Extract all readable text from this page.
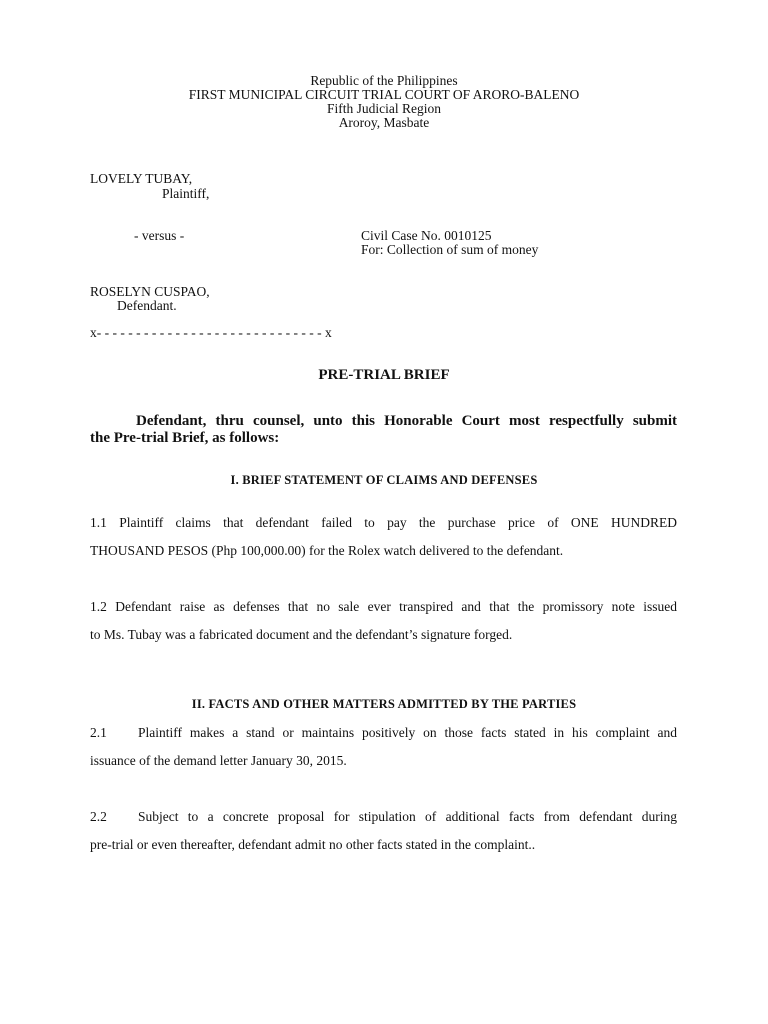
Republic of the Philippines
FIRST MUNICIPAL CIRCUIT TRIAL COURT OF ARORO-BALENO
Fifth Judicial Region
Aroroy, Masbate
LOVELY TUBAY,
Plaintiff,
- versus -	Civil Case No. 0010125
For: Collection of sum of money
ROSELYN CUSPAO,
Defendant.
x- - - - - - - - - - - - - - - - - - - - - - - - - - - - - x
PRE-TRIAL BRIEF
Defendant, thru counsel, unto this Honorable Court most respectfully submit
the Pre-trial Brief, as follows:
I. BRIEF STATEMENT OF CLAIMS AND DEFENSES
1.1 Plaintiff claims that defendant failed to pay the purchase price of ONE HUNDRED
THOUSAND PESOS (Php 100,000.00) for the Rolex watch delivered to the defendant.
1.2 Defendant raise as defenses that no sale ever transpired and that the promissory note issued
to Ms. Tubay was a fabricated document and the defendant’s signature forged.
II. FACTS AND OTHER MATTERS ADMITTED BY THE PARTIES
2.1	Plaintiff makes a stand or maintains positively on those facts stated in his complaint and
issuance of the demand letter January 30, 2015.
2.2	Subject to a concrete proposal for stipulation of additional facts from defendant during
pre-trial or even thereafter, defendant admit no other facts stated in the complaint..
